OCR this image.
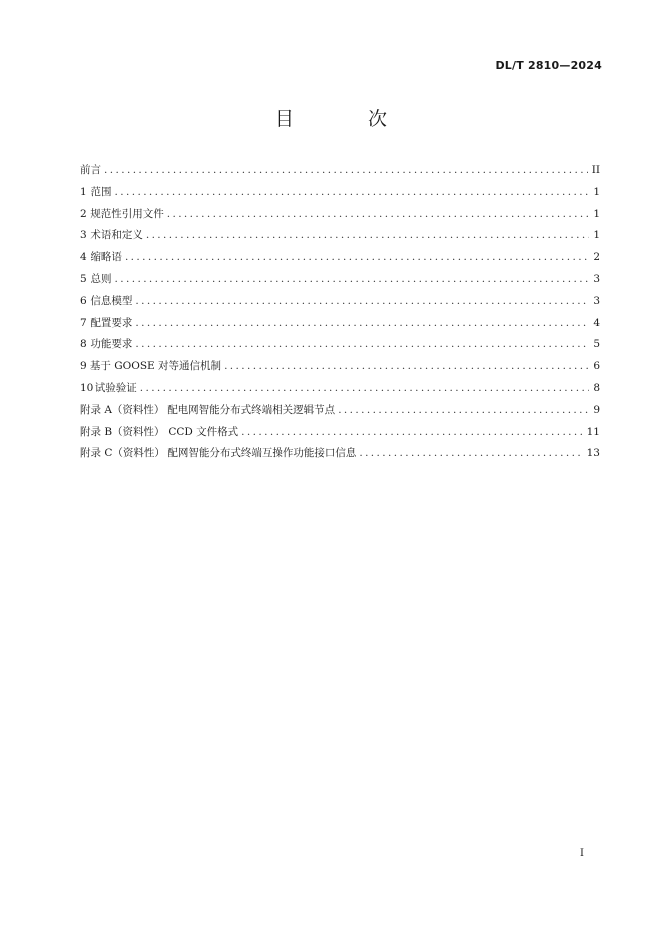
DL/T 2810—2024
目 次
前言 .....	II
1 范围 .....	1
2 规范性引用文件 .....	1
3 术语和定义 .....	1
4 缩略语 .....	2
5 总则 .....	3
6 信息模型 .....	3
7 配置要求 .....	4
8 功能要求 .....	5
9 基于 GOOSE 对等通信机制 .....	6
10 试验验证 .....	8
附录 A（资料性） 配电网智能分布式终端相关逻辑节点 .....	9
附录 B（资料性） CCD 文件格式 .....	11
附录 C（资料性） 配网智能分布式终端互操作功能接口信息 .....	13
I
